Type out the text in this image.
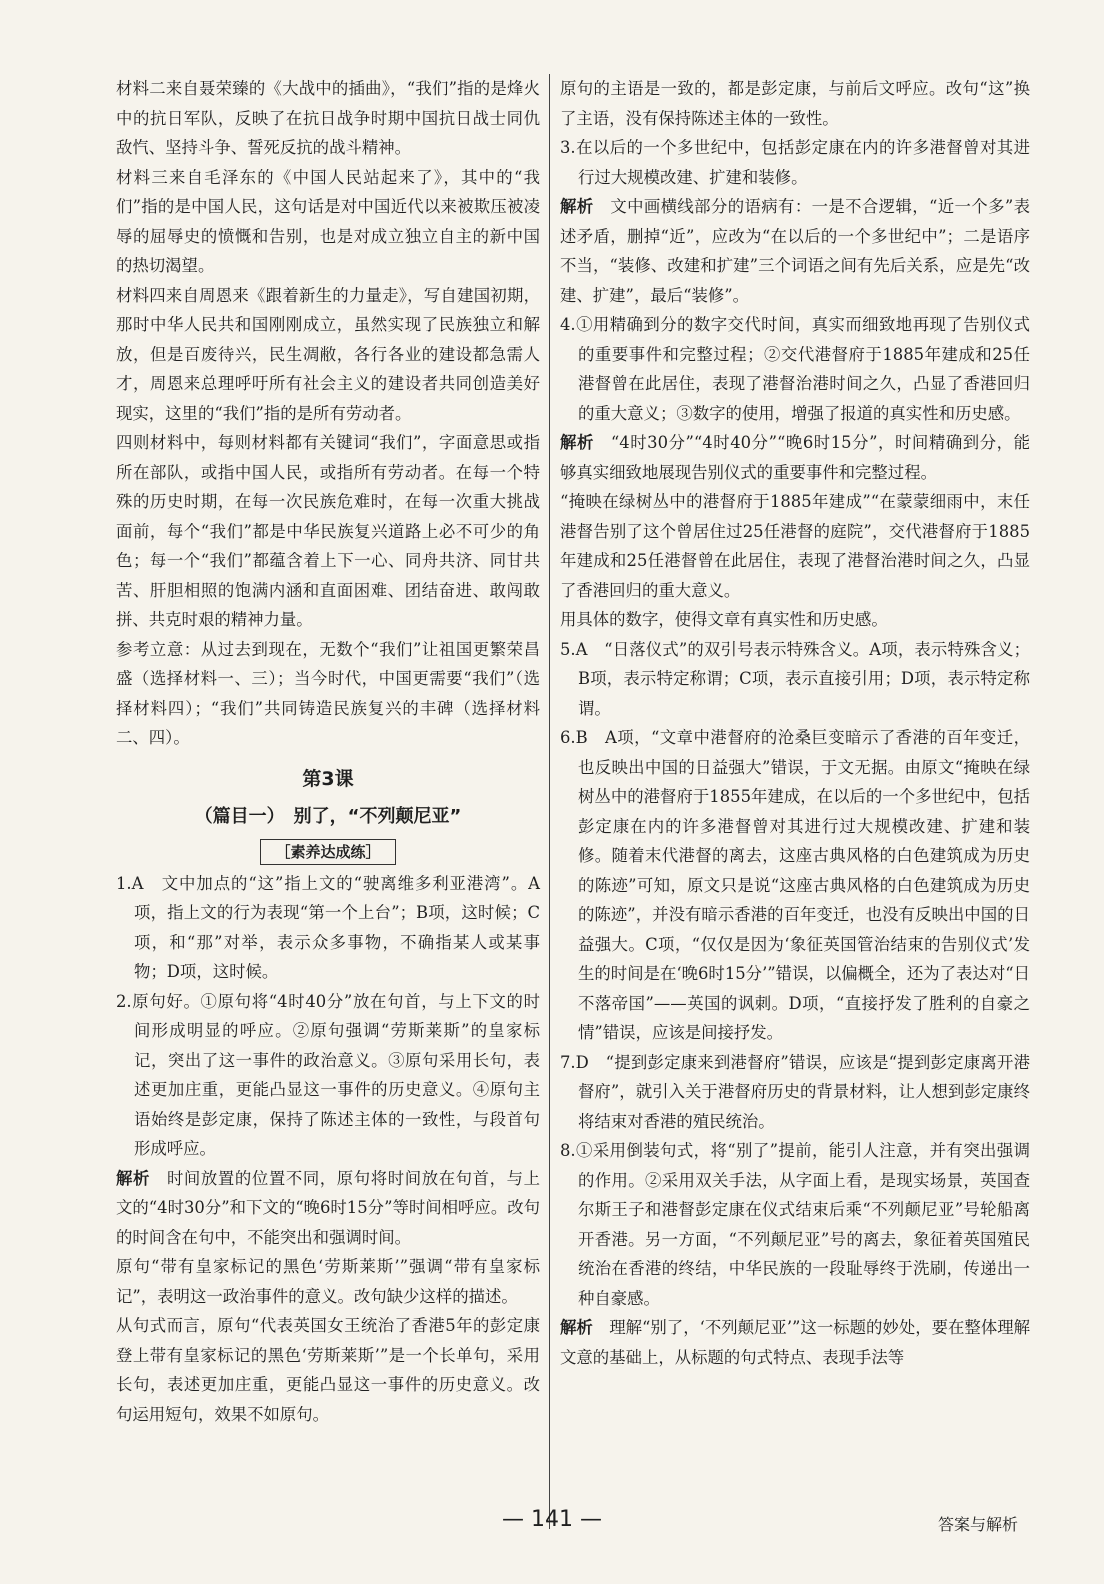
材料二来自聂荣臻的《大战中的插曲》，“我们”指的是烽火中的抗日军队，反映了在抗日战争时期中国抗日战士同仇敌忾、坚持斗争、誓死反抗的战斗精神。

材料三来自毛泽东的《中国人民站起来了》，其中的“我们”指的是中国人民，这句话是对中国近代以来被欺压被凌辱的屈辱史的愤慨和告别，也是对成立独立自主的新中国的热切渴望。

材料四来自周恩来《跟着新生的力量走》，写自建国初期，那时中华人民共和国刚刚成立，虽然实现了民族独立和解放，但是百废待兴，民生凋敝，各行各业的建设都急需人才，周恩来总理呼吁所有社会主义的建设者共同创造美好现实，这里的“我们”指的是所有劳动者。

四则材料中，每则材料都有关键词“我们”，字面意思或指所在部队，或指中国人民，或指所有劳动者。在每一个特殊的历史时期，在每一次民族危难时，在每一次重大挑战面前，每个“我们”都是中华民族复兴道路上必不可少的角色；每一个“我们”都蕴含着上下一心、同舟共济、同甘共苦、肝胆相照的饱满内涵和直面困难、团结奋进、敢闯敢拼、共克时艰的精神力量。

参考立意：从过去到现在，无数个“我们”让祖国更繁荣昌盛（选择材料一、三）；当今时代，中国更需要“我们”（选择材料四）；“我们”共同铸造民族复兴的丰碑（选择材料二、四）。

第3课
（篇目一）　别了，“不列颠尼亚”
［素养达成练］

1.A　文中加点的“这”指上文的“驶离维多利亚港湾”。A项，指上文的行为表现“第一个上台”；B项，这时候；C项，和“那”对举，表示众多事物，不确指某人或某事物；D项，这时候。

2.原句好。①原句将“4时40分”放在句首，与上下文的时间形成明显的呼应。②原句强调“劳斯莱斯”的皇家标记，突出了这一事件的政治意义。③原句采用长句，表述更加庄重，更能凸显这一事件的历史意义。④原句主语始终是彭定康，保持了陈述主体的一致性，与段首句形成呼应。

解析　时间放置的位置不同，原句将时间放在句首，与上文的“4时30分”和下文的“晚6时15分”等时间相呼应。改句的时间含在句中，不能突出和强调时间。

原句“带有皇家标记的黑色‘劳斯莱斯’”强调“带有皇家标记”，表明这一政治事件的意义。改句缺少这样的描述。

从句式而言，原句“代表英国女王统治了香港5年的彭定康登上带有皇家标记的黑色‘劳斯莱斯’”是一个长单句，采用长句，表述更加庄重，更能凸显这一事件的历史意义。改句运用短句，效果不如原句。

原句的主语是一致的，都是彭定康，与前后文呼应。改句“这”换了主语，没有保持陈述主体的一致性。

3.在以后的一个多世纪中，包括彭定康在内的许多港督曾对其进行过大规模改建、扩建和装修。

解析　文中画横线部分的语病有：一是不合逻辑，“近一个多”表述矛盾，删掉“近”，应改为“在以后的一个多世纪中”；二是语序不当，“装修、改建和扩建”三个词语之间有先后关系，应是先“改建、扩建”，最后“装修”。

4.①用精确到分的数字交代时间，真实而细致地再现了告别仪式的重要事件和完整过程；②交代港督府于1885年建成和25任港督曾在此居住，表现了港督治港时间之久，凸显了香港回归的重大意义；③数字的使用，增强了报道的真实性和历史感。

解析　“4时30分”“4时40分”“晚6时15分”，时间精确到分，能够真实细致地展现告别仪式的重要事件和完整过程。

“掩映在绿树丛中的港督府于1885年建成”“在蒙蒙细雨中，末任港督告别了这个曾居住过25任港督的庭院”，交代港督府于1885年建成和25任港督曾在此居住，表现了港督治港时间之久，凸显了香港回归的重大意义。

用具体的数字，使得文章有真实性和历史感。

5.A　“日落仪式”的双引号表示特殊含义。A项，表示特殊含义；B项，表示特定称谓；C项，表示直接引用；D项，表示特定称谓。

6.B　A项，“文章中港督府的沧桑巨变暗示了香港的百年变迁，也反映出中国的日益强大”错误，于文无据。由原文“掩映在绿树丛中的港督府于1855年建成，在以后的一个多世纪中，包括彭定康在内的许多港督曾对其进行过大规模改建、扩建和装修。随着末代港督的离去，这座古典风格的白色建筑成为历史的陈迹”可知，原文只是说“这座古典风格的白色建筑成为历史的陈迹”，并没有暗示香港的百年变迁，也没有反映出中国的日益强大。C项，“仅仅是因为‘象征英国管治结束的告别仪式’发生的时间是在‘晚6时15分’”错误，以偏概全，还为了表达对“日不落帝国”——英国的讽刺。D项，“直接抒发了胜利的自豪之情”错误，应该是间接抒发。

7.D　“提到彭定康来到港督府”错误，应该是“提到彭定康离开港督府”，就引入关于港督府历史的背景材料，让人想到彭定康终将结束对香港的殖民统治。

8.①采用倒装句式，将“别了”提前，能引人注意，并有突出强调的作用。②采用双关手法，从字面上看，是现实场景，英国查尔斯王子和港督彭定康在仪式结束后乘“不列颠尼亚”号轮船离开香港。另一方面，“不列颠尼亚”号的离去，象征着英国殖民统治在香港的终结，中华民族的一段耻辱终于洗刷，传递出一种自豪感。

解析　理解“别了，‘不列颠尼亚’”这一标题的妙处，要在整体理解文意的基础上，从标题的句式特点、表现手法等

— 141 —	答案与解析
